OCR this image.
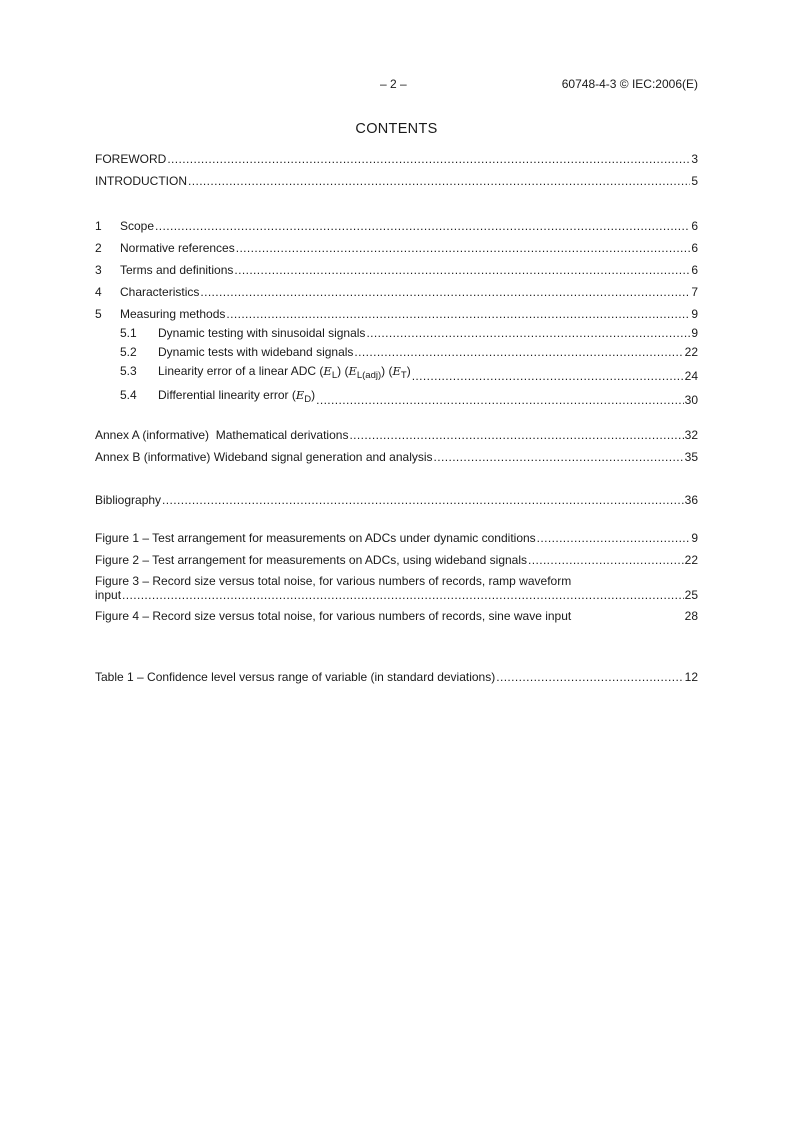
– 2 –	60748-4-3 © IEC:2006(E)
CONTENTS
FOREWORD .....	3
INTRODUCTION .....	5
1 Scope .....	6
2 Normative references .....	6
3 Terms and definitions .....	6
4 Characteristics .....	7
5 Measuring methods .....	9
5.1 Dynamic testing with sinusoidal signals .....	9
5.2 Dynamic tests with wideband signals .....	22
5.3 Linearity error of a linear ADC $(E_L)$ $(E_{L(adj)})$ $(E_T)$ .....	24
5.4 Differential linearity error $(E_D)$ .....	30
Annex A (informative)  Mathematical derivations .....	32
Annex B (informative) Wideband signal generation and analysis .....	35
Bibliography .....	36
Figure 1 – Test arrangement for measurements on ADCs under dynamic conditions .....	9
Figure 2 – Test arrangement for measurements on ADCs, using wideband signals .....	22
Figure 3 – Record size versus total noise, for various numbers of records, ramp waveform
input .....	25
Figure 4 – Record size versus total noise, for various numbers of records, sine wave input	28
Table 1 – Confidence level versus range of variable (in standard deviations) .....	12
